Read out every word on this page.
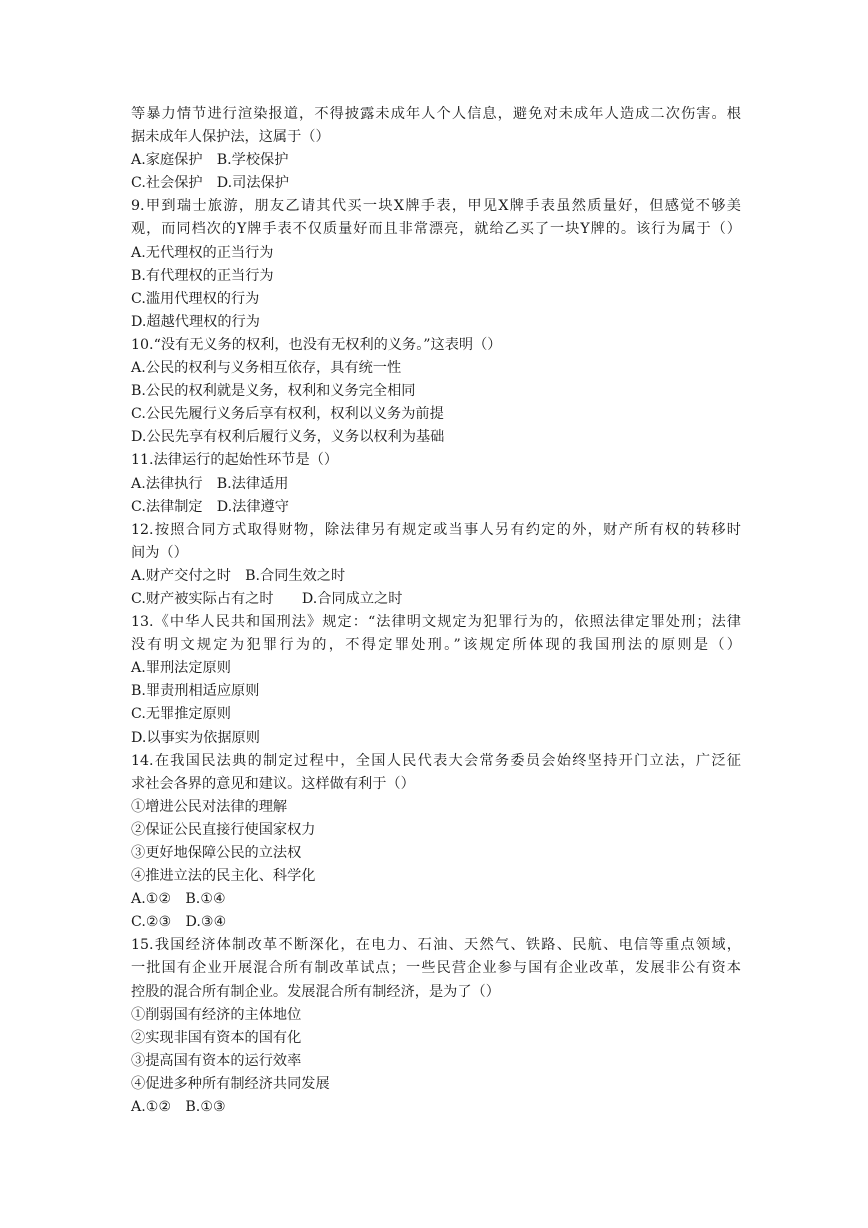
等暴力情节进行渲染报道，不得披露未成年人个人信息，避免对未成年人造成二次伤害。根
据未成年人保护法，这属于（）
A.家庭保护　B.学校保护
C.社会保护　D.司法保护
9.甲到瑞士旅游，朋友乙请其代买一块X牌手表，甲见X牌手表虽然质量好，但感觉不够美
观，而同档次的Y牌手表不仅质量好而且非常漂亮，就给乙买了一块Y牌的。该行为属于（）
A.无代理权的正当行为
B.有代理权的正当行为
C.滥用代理权的行为
D.超越代理权的行为
10.“没有无义务的权利，也没有无权利的义务。”这表明（）
A.公民的权利与义务相互依存，具有统一性
B.公民的权利就是义务，权利和义务完全相同
C.公民先履行义务后享有权利，权利以义务为前提
D.公民先享有权利后履行义务，义务以权利为基础
11.法律运行的起始性环节是（）
A.法律执行　B.法律适用
C.法律制定　D.法律遵守
12.按照合同方式取得财物，除法律另有规定或当事人另有约定的外，财产所有权的转移时
间为（）
A.财产交付之时　B.合同生效之时
C.财产被实际占有之时　　D.合同成立之时
13.《中华人民共和国刑法》规定：“法律明文规定为犯罪行为的，依照法律定罪处刑；法律
没有明文规定为犯罪行为的，不得定罪处刑。”该规定所体现的我国刑法的原则是（）
A.罪刑法定原则
B.罪责刑相适应原则
C.无罪推定原则
D.以事实为依据原则
14.在我国民法典的制定过程中，全国人民代表大会常务委员会始终坚持开门立法，广泛征
求社会各界的意见和建议。这样做有利于（）
①增进公民对法律的理解
②保证公民直接行使国家权力
③更好地保障公民的立法权
④推进立法的民主化、科学化
A.①②　B.①④
C.②③　D.③④
15.我国经济体制改革不断深化，在电力、石油、天然气、铁路、民航、电信等重点领域，
一批国有企业开展混合所有制改革试点；一些民营企业参与国有企业改革，发展非公有资本
控股的混合所有制企业。发展混合所有制经济，是为了（）
①削弱国有经济的主体地位
②实现非国有资本的国有化
③提高国有资本的运行效率
④促进多种所有制经济共同发展
A.①②　B.①③
